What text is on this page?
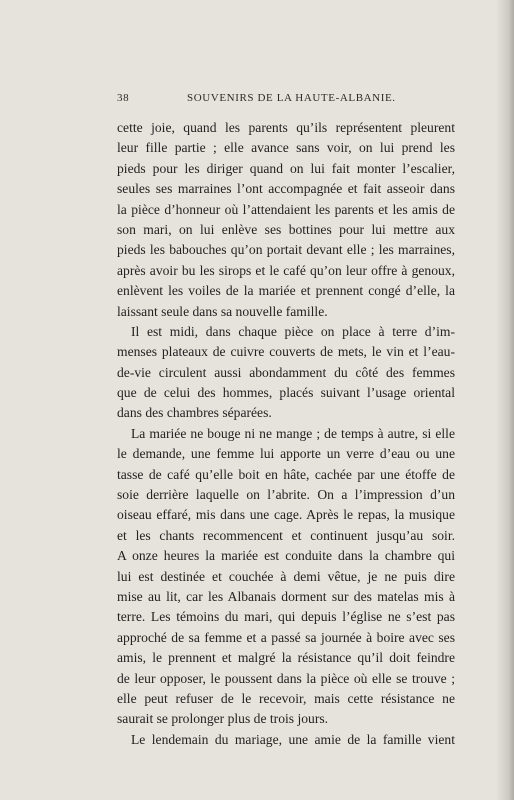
38	SOUVENIRS DE LA HAUTE-ALBANIE.
cette joie, quand les parents qu’ils représentent pleurent
leur fille partie ; elle avance sans voir, on lui prend les
pieds pour les diriger quand on lui fait monter l’escalier,
seules ses marraines l’ont accompagnée et fait asseoir dans
la pièce d’honneur où l’attendaient les parents et les amis de
son mari, on lui enlève ses bottines pour lui mettre aux
pieds les babouches qu’on portait devant elle ; les marraines,
après avoir bu les sirops et le café qu’on leur offre à genoux,
enlèvent les voiles de la mariée et prennent congé d’elle, la
laissant seule dans sa nouvelle famille.
Il est midi, dans chaque pièce on place à terre d’im-
menses plateaux de cuivre couverts de mets, le vin et l’eau-
de-vie circulent aussi abondamment du côté des femmes
que de celui des hommes, placés suivant l’usage oriental
dans des chambres séparées.
La mariée ne bouge ni ne mange ; de temps à autre, si elle
le demande, une femme lui apporte un verre d’eau ou une
tasse de café qu’elle boit en hâte, cachée par une étoffe de
soie derrière laquelle on l’abrite. On a l’impression d’un
oiseau effaré, mis dans une cage. Après le repas, la musique
et les chants recommencent et continuent jusqu’au soir.
A onze heures la mariée est conduite dans la chambre qui
lui est destinée et couchée à demi vêtue, je ne puis dire
mise au lit, car les Albanais dorment sur des matelas mis à
terre. Les témoins du mari, qui depuis l’église ne s’est pas
approché de sa femme et a passé sa journée à boire avec ses
amis, le prennent et malgré la résistance qu’il doit feindre
de leur opposer, le poussent dans la pièce où elle se trouve ;
elle peut refuser de le recevoir, mais cette résistance ne
saurait se prolonger plus de trois jours.
Le lendemain du mariage, une amie de la famille vient
